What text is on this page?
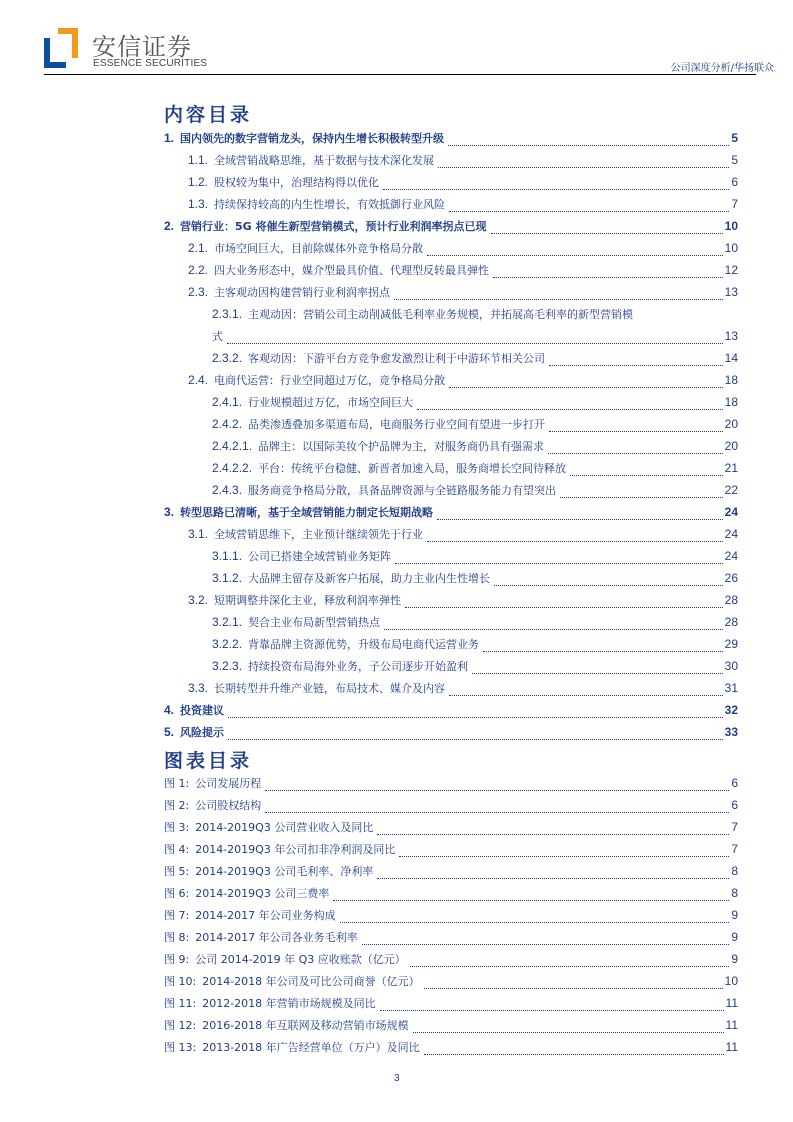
安信证券
ESSENCE SECURITIES	公司深度分析/华扬联众
内容目录
1. 国内领先的数字营销龙头，保持内生增长积极转型升级	5
1.1. 全域营销战略思维，基于数据与技术深化发展	5
1.2. 股权较为集中，治理结构得以优化	6
1.3. 持续保持较高的内生性增长，有效抵御行业风险	7
2. 营销行业：5G 将催生新型营销模式，预计行业利润率拐点已现	10
2.1. 市场空间巨大，目前除媒体外竞争格局分散	10
2.2. 四大业务形态中，媒介型最具价值、代理型反转最具弹性	12
2.3. 主客观动因构建营销行业利润率拐点	13
2.3.1. 主观动因：营销公司主动削减低毛利率业务规模，并拓展高毛利率的新型营销模
式	13
2.3.2. 客观动因：下游平台方竞争愈发激烈让利于中游环节相关公司	14
2.4. 电商代运营：行业空间超过万亿，竞争格局分散	18
2.4.1. 行业规模超过万亿，市场空间巨大	18
2.4.2. 品类渗透叠加多渠道布局，电商服务行业空间有望进一步打开	20
2.4.2.1. 品牌主：以国际美妆个护品牌为主，对服务商仍具有强需求	20
2.4.2.2. 平台：传统平台稳健、新晋者加速入局，服务商增长空间待释放	21
2.4.3. 服务商竞争格局分散，具备品牌资源与全链路服务能力有望突出	22
3. 转型思路已清晰，基于全域营销能力制定长短期战略	24
3.1. 全域营销思维下，主业预计继续领先于行业	24
3.1.1. 公司已搭建全域营销业务矩阵	24
3.1.2. 大品牌主留存及新客户拓展，助力主业内生性增长	26
3.2. 短期调整并深化主业，释放利润率弹性	28
3.2.1. 契合主业布局新型营销热点	28
3.2.2. 背靠品牌主资源优势，升级布局电商代运营业务	29
3.2.3. 持续投资布局海外业务，子公司逐步开始盈利	30
3.3. 长期转型并升维产业链，布局技术、媒介及内容	31
4. 投资建议	32
5. 风险提示	33
图表目录
图 1: 公司发展历程	6
图 2: 公司股权结构	6
图 3: 2014-2019Q3 公司营业收入及同比	7
图 4: 2014-2019Q3 年公司扣非净利润及同比	7
图 5: 2014-2019Q3 公司毛利率、净利率	8
图 6: 2014-2019Q3 公司三费率	8
图 7: 2014-2017 年公司业务构成	9
图 8: 2014-2017 年公司各业务毛利率	9
图 9: 公司 2014-2019 年 Q3 应收账款（亿元）	9
图 10: 2014-2018 年公司及可比公司商誉（亿元）	10
图 11: 2012-2018 年营销市场规模及同比	11
图 12: 2016-2018 年互联网及移动营销市场规模	11
图 13: 2013-2018 年广告经营单位（万户）及同比	11
3
